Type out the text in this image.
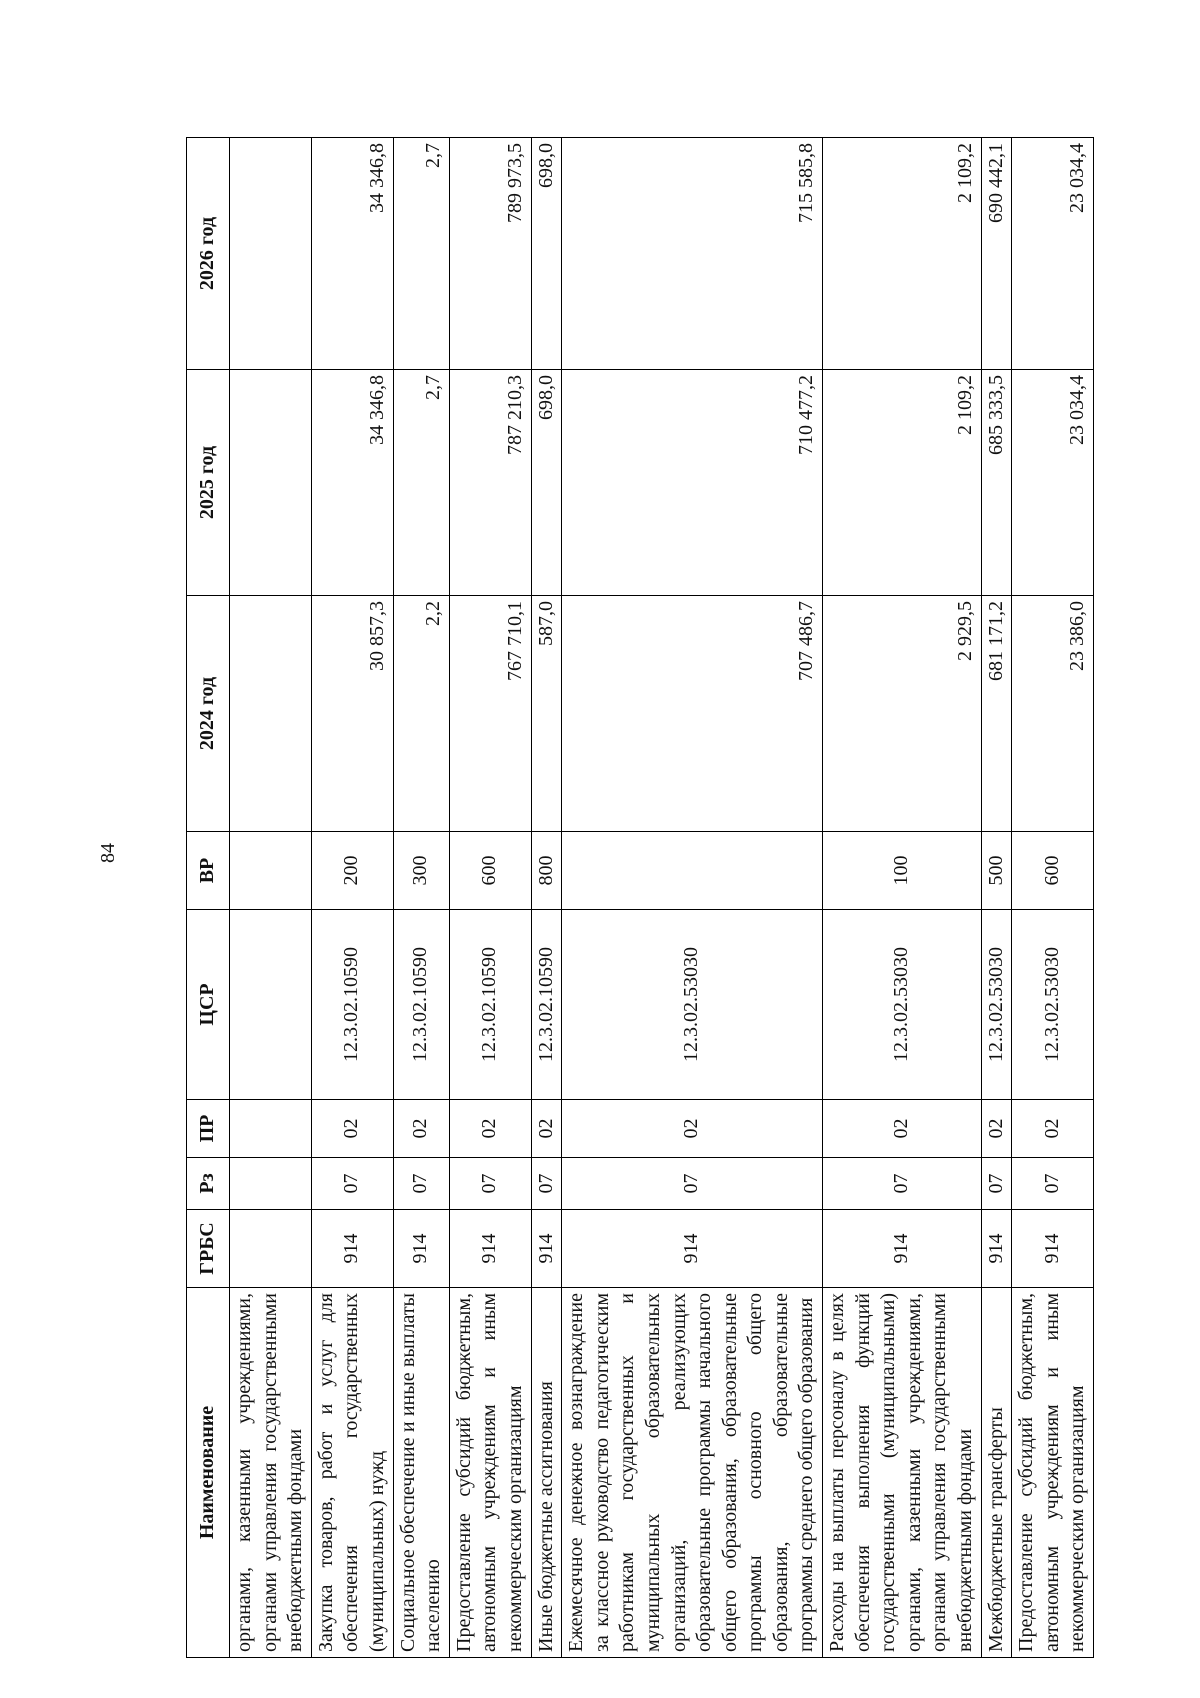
84
Наименование	ГРБС	Рз	ПР	ЦСР	ВР	2024 год	2025 год	2026 год
органами, казенными учреждениями, органами управления государственными внебюджетными фондами								
Закупка товаров, работ и услуг для обеспечения государственных (муниципальных) нужд	914	07	02	12.3.02.10590	200	30 857,3	34 346,8	34 346,8
Социальное обеспечение и иные выплаты населению	914	07	02	12.3.02.10590	300	2,2	2,7	2,7
Предоставление субсидий бюджетным, автономным учреждениям и иным некоммерческим организациям	914	07	02	12.3.02.10590	600	767 710,1	787 210,3	789 973,5
Иные бюджетные ассигнования	914	07	02	12.3.02.10590	800	587,0	698,0	698,0
Ежемесячное денежное вознаграждение за классное руководство педагогическим работникам государственных и муниципальных образовательных организаций, реализующих образовательные программы начального общего образования, образовательные программы основного общего образования, образовательные программы среднего общего образования	914	07	02	12.3.02.53030		707 486,7	710 477,2	715 585,8
Расходы на выплаты персоналу в целях обеспечения выполнения функций государственными (муниципальными) органами, казенными учреждениями, органами управления государственными внебюджетными фондами	914	07	02	12.3.02.53030	100	2 929,5	2 109,2	2 109,2
Межбюджетные трансферты	914	07	02	12.3.02.53030	500	681 171,2	685 333,5	690 442,1
Предоставление субсидий бюджетным, автономным учреждениям и иным некоммерческим организациям	914	07	02	12.3.02.53030	600	23 386,0	23 034,4	23 034,4
